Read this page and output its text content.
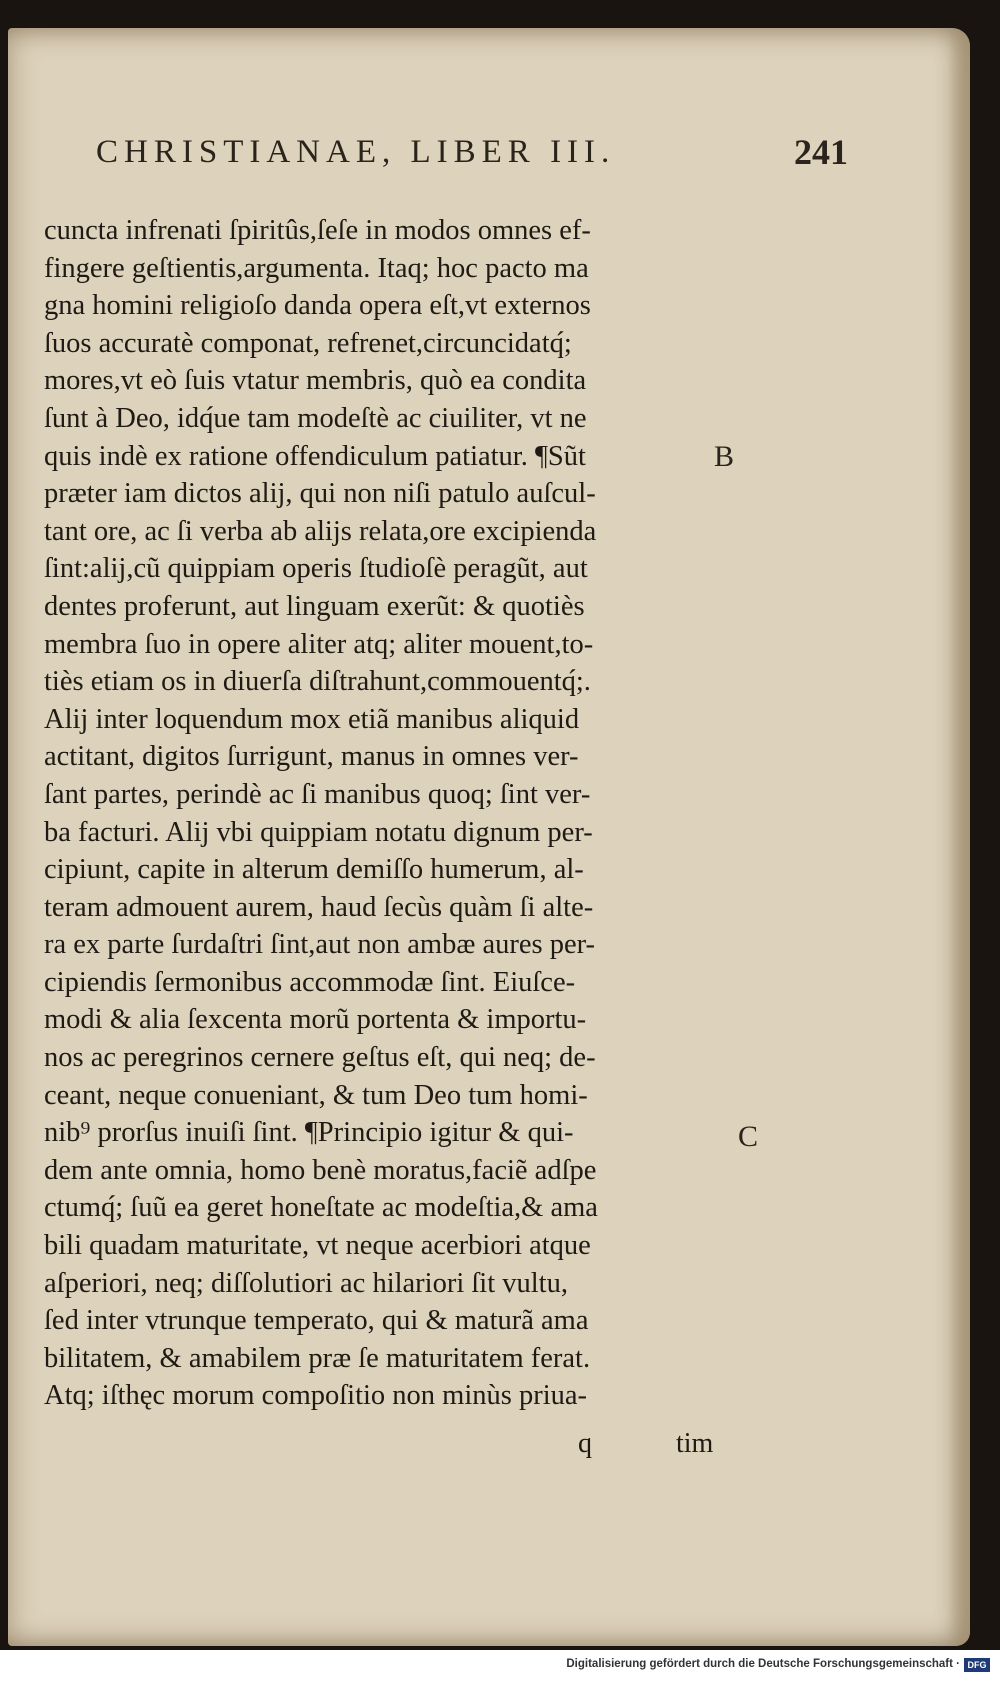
CHRISTIANAE, LIBER III.	241
cuncta infrenati ſpiritûs,ſeſe in modos omnes ef-
fingere geſtientis,argumenta. Itaq; hoc pacto ma
gna homini religioſo danda opera eſt,vt externos
ſuos accuratè componat, refrenet,circuncidatq́;
mores,vt eò ſuis vtatur membris, quò ea condita
ſunt à Deo, idq́ue tam modeſtè ac ciuiliter, vt ne
quis indè ex ratione offendiculum patiatur. ¶Sũt
præter iam dictos alij, qui non niſi patulo auſcul-
tant ore, ac ſi verba ab alijs relata,ore excipienda
ſint:alij,cũ quippiam operis ſtudioſè peragũt, aut
dentes proferunt, aut linguam exerũt: & quotiès
membra ſuo in opere aliter atq; aliter mouent,to-
tiès etiam os in diuerſa diſtrahunt,commouentq́;.
Alij inter loquendum mox etiã manibus aliquid
actitant, digitos ſurrigunt, manus in omnes ver-
ſant partes, perindè ac ſi manibus quoq; ſint ver-
ba facturi. Alij vbi quippiam notatu dignum per-
cipiunt, capite in alterum demiſſo humerum, al-
teram admouent aurem, haud ſecùs quàm ſi alte-
ra ex parte ſurdaſtri ſint,aut non ambæ aures per-
cipiendis ſermonibus accommodæ ſint. Eiuſce-
modi & alia ſexcenta morũ portenta & importu-
nos ac peregrinos cernere geſtus eſt, qui neq; de-
ceant, neque conueniant, & tum Deo tum homi-
nib⁹ prorſus inuiſi ſint. ¶Principio igitur & qui-
dem ante omnia, homo benè moratus,faciẽ adſpe
ctumq́; ſuũ ea geret honeſtate ac modeſtia,& ama
bili quadam maturitate, vt neque acerbiori atque
aſperiori, neq; diſſolutiori ac hilariori ſit vultu,
ſed inter vtrunque temperato, qui & maturã ama
bilitatem, & amabilem præ ſe maturitatem ferat.
Atq; iſthęc morum compoſitio non minùs priua-
B
C
q	tim
Digitalisierung gefördert durch die Deutsche Forschungsgemeinschaft · DFG
